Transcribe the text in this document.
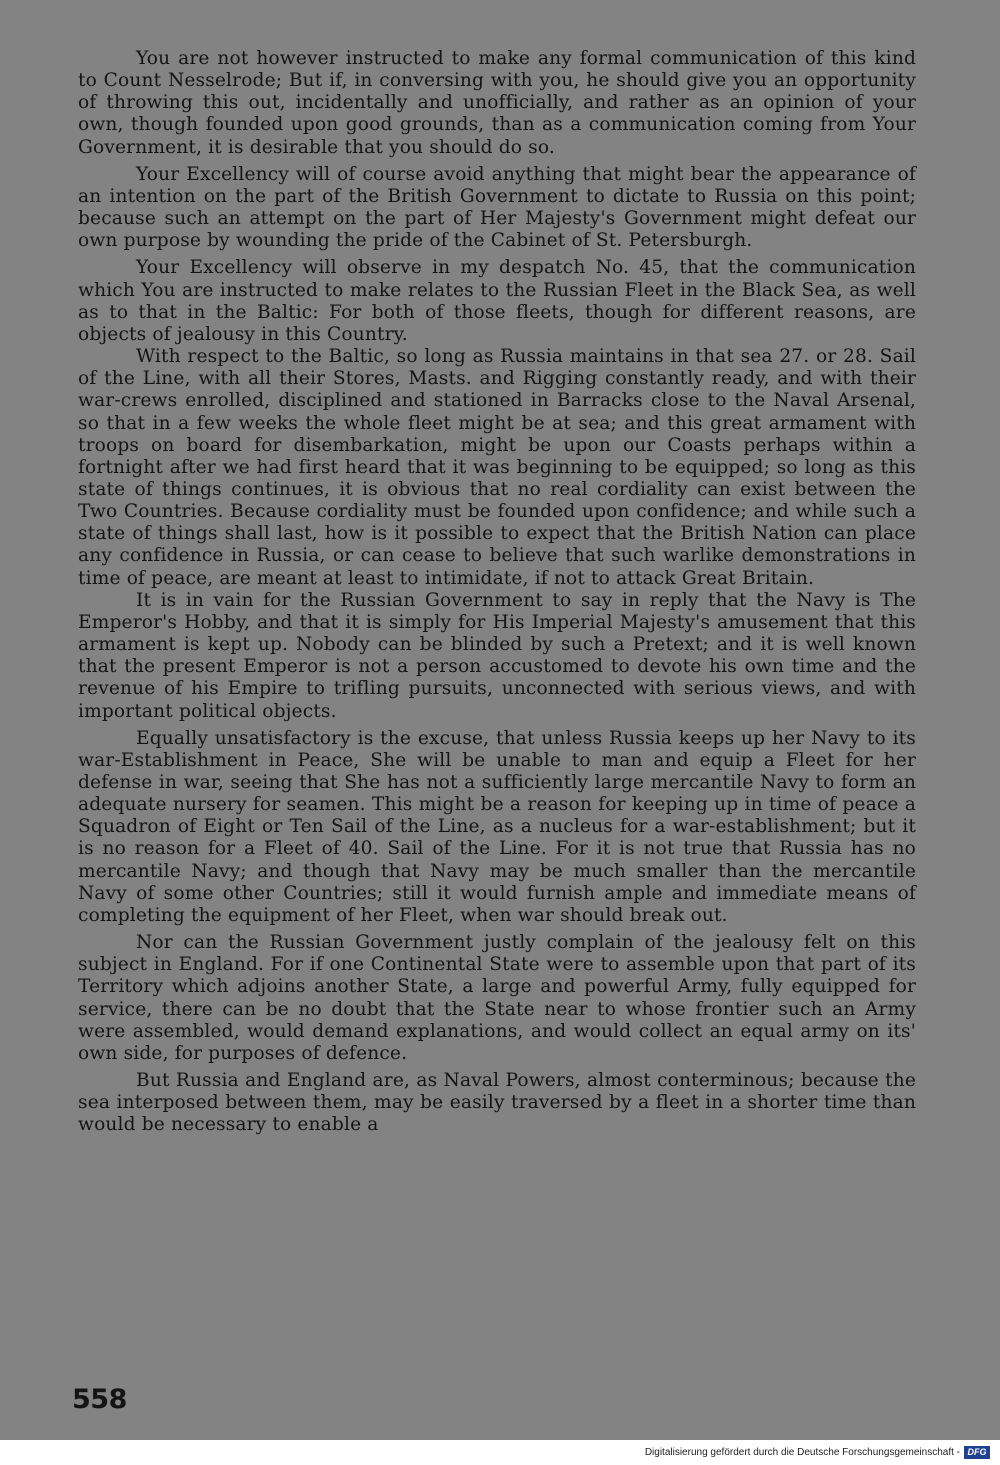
You are not however instructed to make any formal communication of this kind to Count Nesselrode; But if, in conversing with you, he should give you an opportunity of throwing this out, incidentally and unofficially, and rather as an opinion of your own, though founded upon good grounds, than as a communication coming from Your Government, it is desirable that you should do so.

Your Excellency will of course avoid anything that might bear the appearance of an intention on the part of the British Government to dictate to Russia on this point; because such an attempt on the part of Her Majesty's Government might defeat our own purpose by wounding the pride of the Cabinet of St. Petersburgh.

Your Excellency will observe in my despatch No. 45, that the communication which You are instructed to make relates to the Russian Fleet in the Black Sea, as well as to that in the Baltic: For both of those fleets, though for different reasons, are objects of jealousy in this Country.

With respect to the Baltic, so long as Russia maintains in that sea 27. or 28. Sail of the Line, with all their Stores, Masts. and Rigging constantly ready, and with their war-crews enrolled, disciplined and stationed in Barracks close to the Naval Arsenal, so that in a few weeks the whole fleet might be at sea; and this great armament with troops on board for disembarkation, might be upon our Coasts perhaps within a fortnight after we had first heard that it was beginning to be equipped; so long as this state of things continues, it is obvious that no real cordiality can exist between the Two Countries. Because cordiality must be founded upon confidence; and while such a state of things shall last, how is it possible to expect that the British Nation can place any confidence in Russia, or can cease to believe that such warlike demonstrations in time of peace, are meant at least to intimidate, if not to attack Great Britain.

It is in vain for the Russian Government to say in reply that the Navy is The Emperor's Hobby, and that it is simply for His Imperial Majesty's amusement that this armament is kept up. Nobody can be blinded by such a Pretext; and it is well known that the present Emperor is not a person accustomed to devote his own time and the revenue of his Empire to trifling pursuits, unconnected with serious views, and with important political objects.

Equally unsatisfactory is the excuse, that unless Russia keeps up her Navy to its war-Establishment in Peace, She will be unable to man and equip a Fleet for her defense in war, seeing that She has not a sufficiently large mercantile Navy to form an adequate nursery for seamen. This might be a reason for keeping up in time of peace a Squadron of Eight or Ten Sail of the Line, as a nucleus for a war-establishment; but it is no reason for a Fleet of 40. Sail of the Line. For it is not true that Russia has no mercantile Navy; and though that Navy may be much smaller than the mercantile Navy of some other Countries; still it would furnish ample and immediate means of completing the equipment of her Fleet, when war should break out.

Nor can the Russian Government justly complain of the jealousy felt on this subject in England. For if one Continental State were to assemble upon that part of its Territory which adjoins another State, a large and powerful Army, fully equipped for service, there can be no doubt that the State near to whose frontier such an Army were assembled, would demand explanations, and would collect an equal army on its' own side, for purposes of defence.

But Russia and England are, as Naval Powers, almost conterminous; because the sea interposed between them, may be easily traversed by a fleet in a shorter time than would be necessary to enable a

558
Digitalisierung gefördert durch die Deutsche Forschungsgemeinschaft - DFG
